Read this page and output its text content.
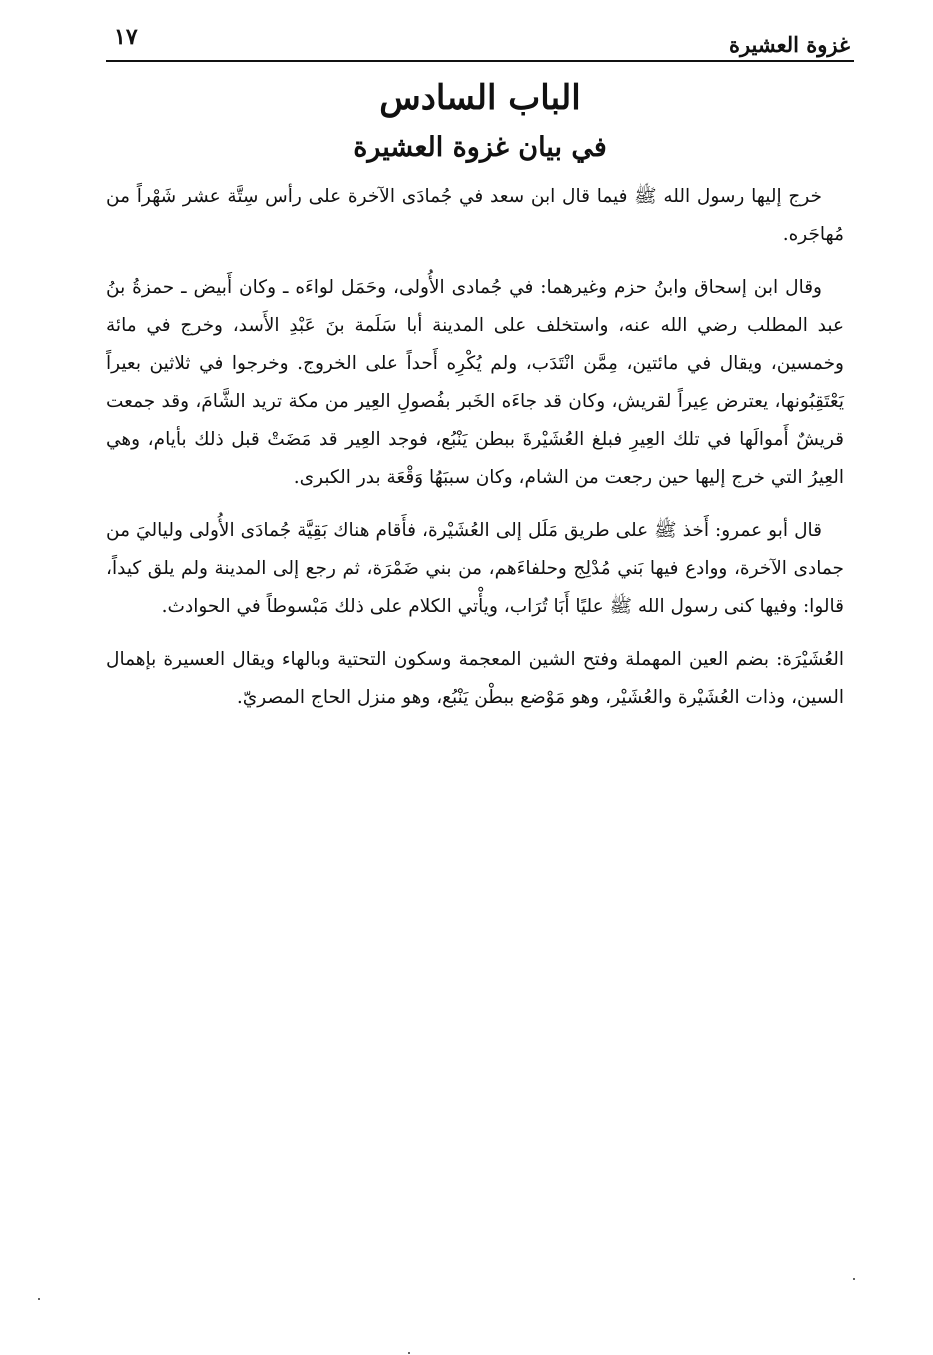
غزوة العشيرة
١٧
الباب السادس
في بيان غزوة العشيرة

خرج إليها رسول الله ﷺ فيما قال ابن سعد في جُمادَى الآخرة على رأس سِتَّة عشر شَهْراً من مُهاجَره.

وقال ابن إسحاق وابنُ حزم وغيرهما: في جُمادى الأُولى، وحَمَل لواءَه ـ وكان أَبيض ـ حمزةُ بنُ عبد المطلب رضي الله عنه، واستخلف على المدينة أبا سَلَمة بنَ عَبْدِ الأَسد، وخرج في مائة وخمسين، ويقال في مائتين، مِمَّن انْتَدَب، ولم يُكْرِه أَحداً على الخروج. وخرجوا في ثلاثين بعيراً يَعْتَقِبُونها، يعترض عِيراً لقريش، وكان قد جاءَه الخَبر بفُصولِ العِير من مكة تريد الشَّامَ، وقد جمعت قريشٌ أَموالَها في تلك العِيرِ فبلغ العُشَيْرةَ ببطن يَنْبُع، فوجد العِير قد مَضَتْ قبل ذلك بأيام، وهي العِيرُ التي خرج إليها حين رجعت من الشام، وكان سببَهُا وَقْعَة بدر الكبرى.

قال أبو عمرو: أَخذ ﷺ على طريق مَلَل إلى العُشَيْرة، فأَقام هناك بَقِيَّة جُمادَى الأُولى ولياليَ من جمادى الآخرة، ووادع فيها بَني مُدْلِج وحلفاءَهم، من بني ضَمْرَة، ثم رجع إلى المدينة ولم يلق كيداً، قالوا: وفيها كنى رسول الله ﷺ عليًا أَبَا تُرَاب، ويأْتي الكلام على ذلك مَبْسوطاً في الحوادث.

العُشَيْرَة: بضم العين المهملة وفتح الشين المعجمة وسكون التحتية وبالهاء ويقال العسيرة بإهمال السين، وذات العُشَيْرة والعُشَيْر، وهو مَوْضع ببطْن يَنْبُع، وهو منزل الحاج المصريّ.
